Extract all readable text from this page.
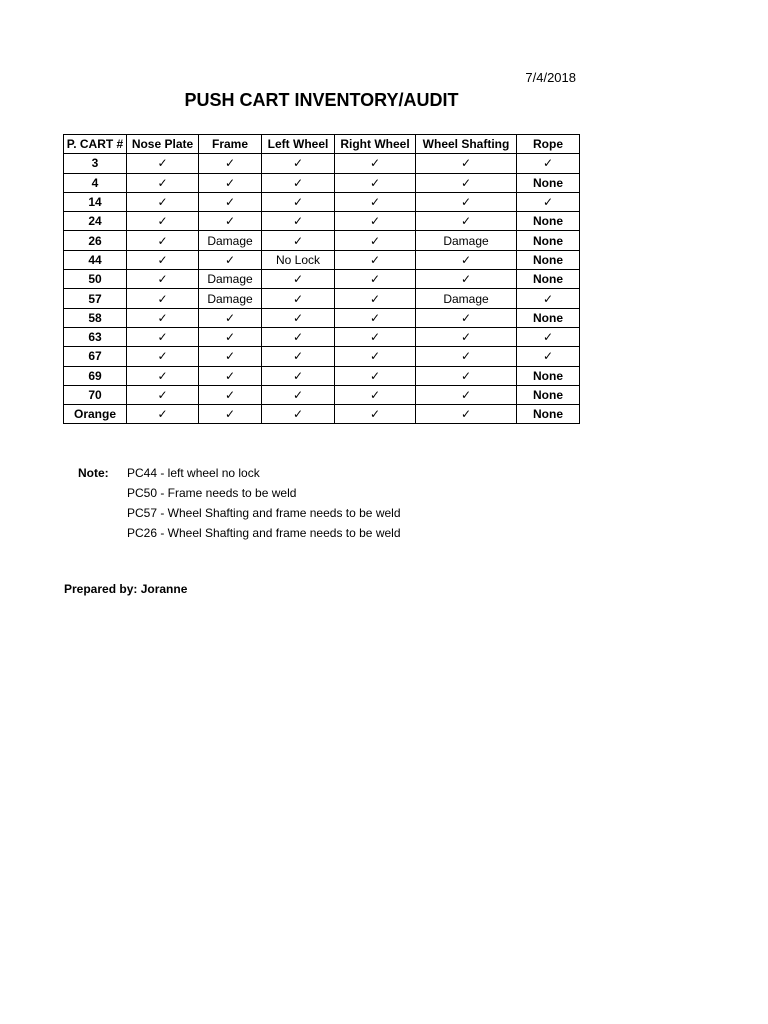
7/4/2018
PUSH CART INVENTORY/AUDIT
P. CART #	Nose Plate	Frame	Left Wheel	Right Wheel	Wheel Shafting	Rope
3	✓	✓	✓	✓	✓	✓
4	✓	✓	✓	✓	✓	None
14	✓	✓	✓	✓	✓	✓
24	✓	✓	✓	✓	✓	None
26	✓	Damage	✓	✓	Damage	None
44	✓	✓	No Lock	✓	✓	None
50	✓	Damage	✓	✓	✓	None
57	✓	Damage	✓	✓	Damage	✓
58	✓	✓	✓	✓	✓	None
63	✓	✓	✓	✓	✓	✓
67	✓	✓	✓	✓	✓	✓
69	✓	✓	✓	✓	✓	None
70	✓	✓	✓	✓	✓	None
Orange	✓	✓	✓	✓	✓	None
Note: PC44 - left wheel no lock
PC50 - Frame needs to be weld
PC57 - Wheel Shafting and frame needs to be weld
PC26 - Wheel Shafting and frame needs to be weld
Prepared by: Joranne
